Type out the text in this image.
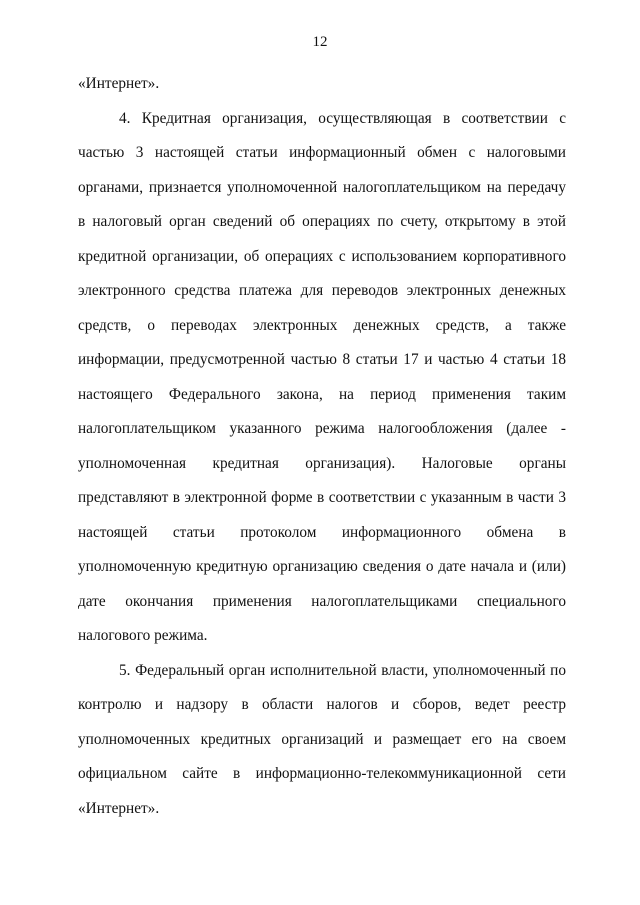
12

«Интернет».

4. Кредитная организация, осуществляющая в соответствии с частью 3 настоящей статьи информационный обмен с налоговыми органами, признается уполномоченной налогоплательщиком на передачу в налоговый орган сведений об операциях по счету, открытому в этой кредитной организации, об операциях с использованием корпоративного электронного средства платежа для переводов электронных денежных средств, о переводах электронных денежных средств, а также информации, предусмотренной частью 8 статьи 17 и частью 4 статьи 18 настоящего Федерального закона, на период применения таким налогоплательщиком указанного режима налогообложения (далее - уполномоченная кредитная организация). Налоговые органы представляют в электронной форме в соответствии с указанным в части 3 настоящей статьи протоколом информационного обмена в уполномоченную кредитную организацию сведения о дате начала и (или) дате окончания применения налогоплательщиками специального налогового режима.

5. Федеральный орган исполнительной власти, уполномоченный по контролю и надзору в области налогов и сборов, ведет реестр уполномоченных кредитных организаций и размещает его на своем официальном сайте в информационно-телекоммуникационной сети «Интернет».
